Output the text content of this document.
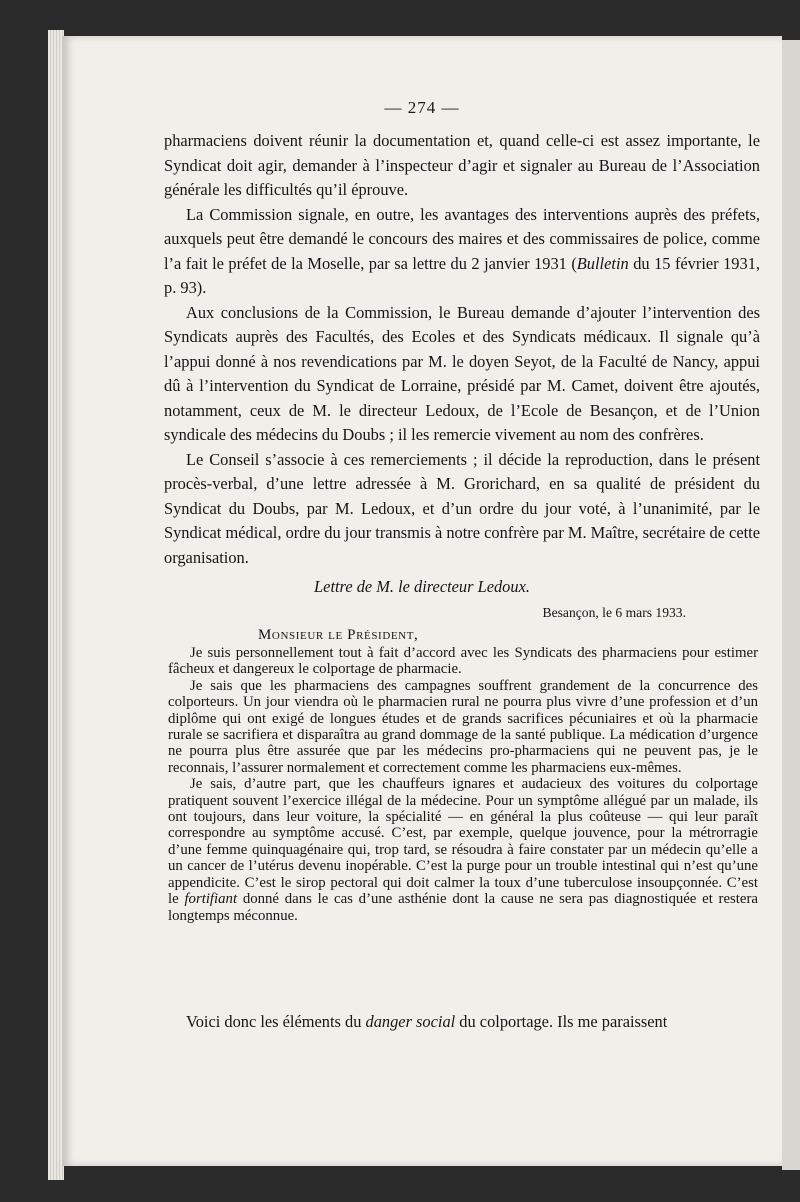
— 274 —

pharmaciens doivent réunir la documentation et, quand celle-ci est assez importante, le Syndicat doit agir, demander à l’inspecteur d’agir et signaler au Bureau de l’Association générale les difficultés qu’il éprouve.

La Commission signale, en outre, les avantages des interventions auprès des préfets, auxquels peut être demandé le concours des maires et des commissaires de police, comme l’a fait le préfet de la Moselle, par sa lettre du 2 janvier 1931 (Bulletin du 15 février 1931, p. 93).

Aux conclusions de la Commission, le Bureau demande d’ajouter l’intervention des Syndicats auprès des Facultés, des Ecoles et des Syndicats médicaux. Il signale qu’à l’appui donné à nos revendications par M. le doyen Seyot, de la Faculté de Nancy, appui dû à l’intervention du Syndicat de Lorraine, présidé par M. Camet, doivent être ajoutés, notamment, ceux de M. le directeur Ledoux, de l’Ecole de Besançon, et de l’Union syndicale des médecins du Doubs ; il les remercie vivement au nom des confrères.

Le Conseil s’associe à ces remerciements ; il décide la reproduction, dans le présent procès-verbal, d’une lettre adressée à M. Grorichard, en sa qualité de président du Syndicat du Doubs, par M. Ledoux, et d’un ordre du jour voté, à l’unanimité, par le Syndicat médical, ordre du jour transmis à notre confrère par M. Maître, secrétaire de cette organisation.

Lettre de M. le directeur Ledoux.
Besançon, le 6 mars 1933.
Monsieur le Président,

Je suis personnellement tout à fait d’accord avec les Syndicats des pharmaciens pour estimer fâcheux et dangereux le colportage de pharmacie.

Je sais que les pharmaciens des campagnes souffrent grandement de la concurrence des colporteurs. Un jour viendra où le pharmacien rural ne pourra plus vivre d’une profession et d’un diplôme qui ont exigé de longues études et de grands sacrifices pécuniaires et où la pharmacie rurale se sacrifiera et disparaîtra au grand dommage de la santé publique. La médication d’urgence ne pourra plus être assurée que par les médecins pro-pharmaciens qui ne peuvent pas, je le reconnais, l’assurer normalement et correctement comme les pharmaciens eux-mêmes.

Je sais, d’autre part, que les chauffeurs ignares et audacieux des voitures du colportage pratiquent souvent l’exercice illégal de la médecine. Pour un symptôme allégué par un malade, ils ont toujours, dans leur voiture, la spécialité — en général la plus coûteuse — qui leur paraît correspondre au symptôme accusé. C’est, par exemple, quelque jouvence, pour la métrorragie d’une femme quinquagénaire qui, trop tard, se résoudra à faire constater par un médecin qu’elle a un cancer de l’utérus devenu inopérable. C’est la purge pour un trouble intestinal qui n’est qu’une appendicite. C’est le sirop pectoral qui doit calmer la toux d’une tuberculose insoupçonnée. C’est le fortifiant donné dans le cas d’une asthénie dont la cause ne sera pas diagnostiquée et restera longtemps méconnue.

Voici donc les éléments du danger social du colportage. Ils me paraissent
